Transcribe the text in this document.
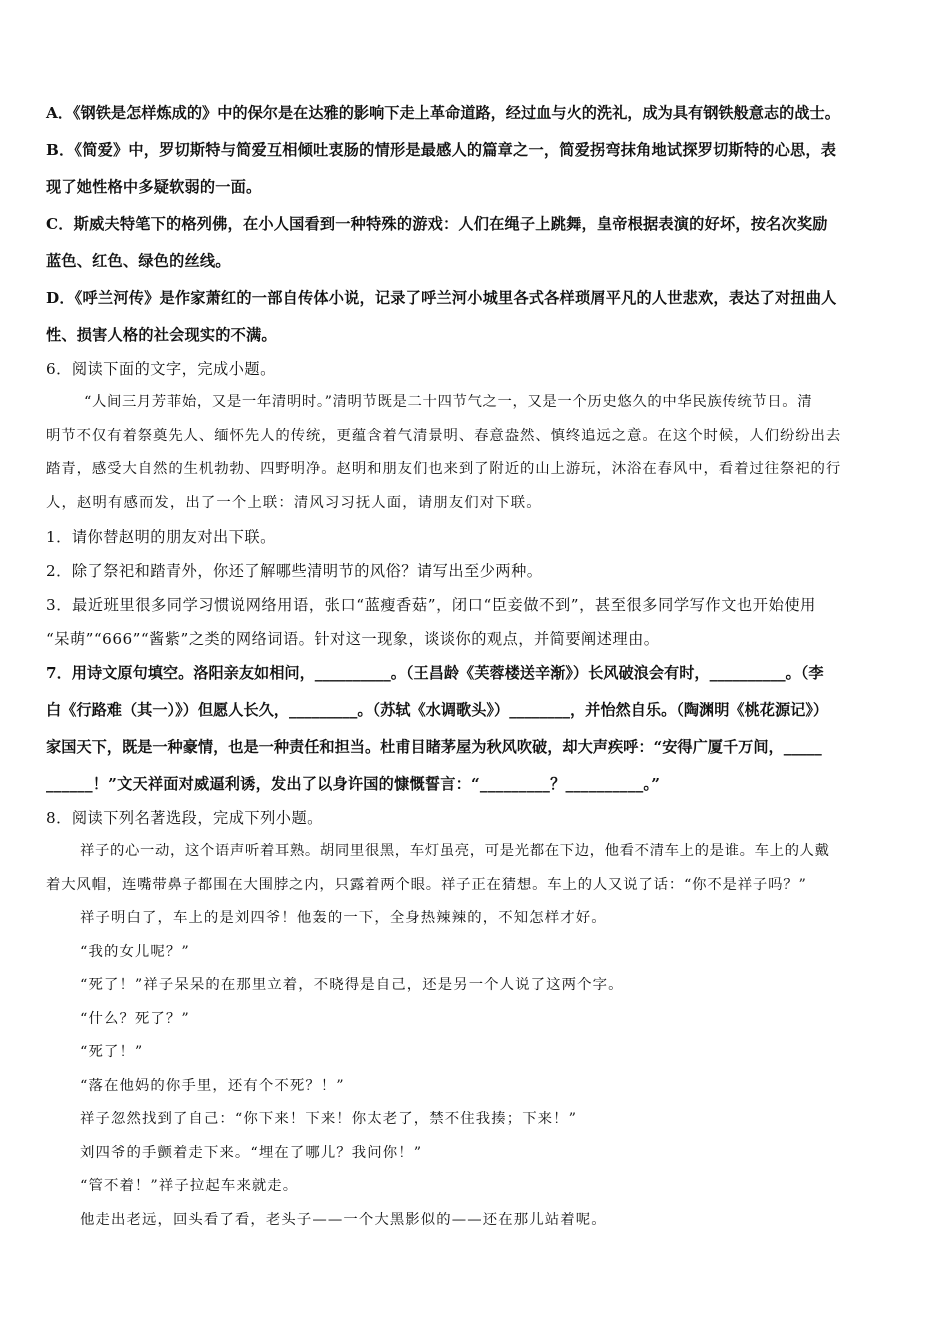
A．《钢铁是怎样炼成的》中的保尔是在达雅的影响下走上革命道路，经过血与火的洗礼，成为具有钢铁般意志的战士。
B．《简爱》中，罗切斯特与简爱互相倾吐衷肠的情形是最感人的篇章之一，简爱拐弯抹角地试探罗切斯特的心思，表
现了她性格中多疑软弱的一面。
C．斯威夫特笔下的格列佛，在小人国看到一种特殊的游戏：人们在绳子上跳舞，皇帝根据表演的好坏，按名次奖励
蓝色、红色、绿色的丝线。
D．《呼兰河传》是作家萧红的一部自传体小说，记录了呼兰河小城里各式各样琐屑平凡的人世悲欢，表达了对扭曲人
性、损害人格的社会现实的不满。
6．阅读下面的文字，完成小题。
“人间三月芳菲始，又是一年清明时。”清明节既是二十四节气之一，又是一个历史悠久的中华民族传统节日。清
明节不仅有着祭奠先人、缅怀先人的传统，更蕴含着气清景明、春意盎然、慎终追远之意。在这个时候，人们纷纷出去
踏青，感受大自然的生机勃勃、四野明净。赵明和朋友们也来到了附近的山上游玩，沐浴在春风中，看着过往祭祀的行
人，赵明有感而发，出了一个上联：清风习习抚人面，请朋友们对下联。
1．请你替赵明的朋友对出下联。
2．除了祭祀和踏青外，你还了解哪些清明节的风俗？请写出至少两种。
3．最近班里很多同学习惯说网络用语，张口“蓝瘦香菇”，闭口“臣妾做不到”，甚至很多同学写作文也开始使用
“呆萌”“666”“酱紫”之类的网络词语。针对这一现象，谈谈你的观点，并简要阐述理由。
7．用诗文原句填空。洛阳亲友如相问，__________。（王昌龄《芙蓉楼送辛渐》）长风破浪会有时，__________。（李
白《行路难（其一）》）但愿人长久，_________。（苏轼《水调歌头》）________，并怡然自乐。（陶渊明《桃花源记》）
家国天下，既是一种豪情，也是一种责任和担当。杜甫目睹茅屋为秋风吹破，却大声疾呼：“安得广厦千万间，_____
______！”文天祥面对威逼利诱，发出了以身许国的慷慨誓言：“_________？__________。”
8．阅读下列名著选段，完成下列小题。
祥子的心一动，这个语声听着耳熟。胡同里很黑，车灯虽亮，可是光都在下边，他看不清车上的是谁。车上的人戴
着大风帽，连嘴带鼻子都围在大围脖之内，只露着两个眼。祥子正在猜想。车上的人又说了话：“你不是祥子吗？”
祥子明白了，车上的是刘四爷！他轰的一下，全身热辣辣的，不知怎样才好。
“我的女儿呢？”
“死了！”祥子呆呆的在那里立着，不晓得是自己，还是另一个人说了这两个字。
“什么？死了？”
“死了！”
“落在他妈的你手里，还有个不死？！”
祥子忽然找到了自己：“你下来！下来！你太老了，禁不住我揍；下来！”
刘四爷的手颤着走下来。“埋在了哪儿？我问你！”
“管不着！”祥子拉起车来就走。
他走出老远，回头看了看，老头子——一个大黑影似的——还在那儿站着呢。
